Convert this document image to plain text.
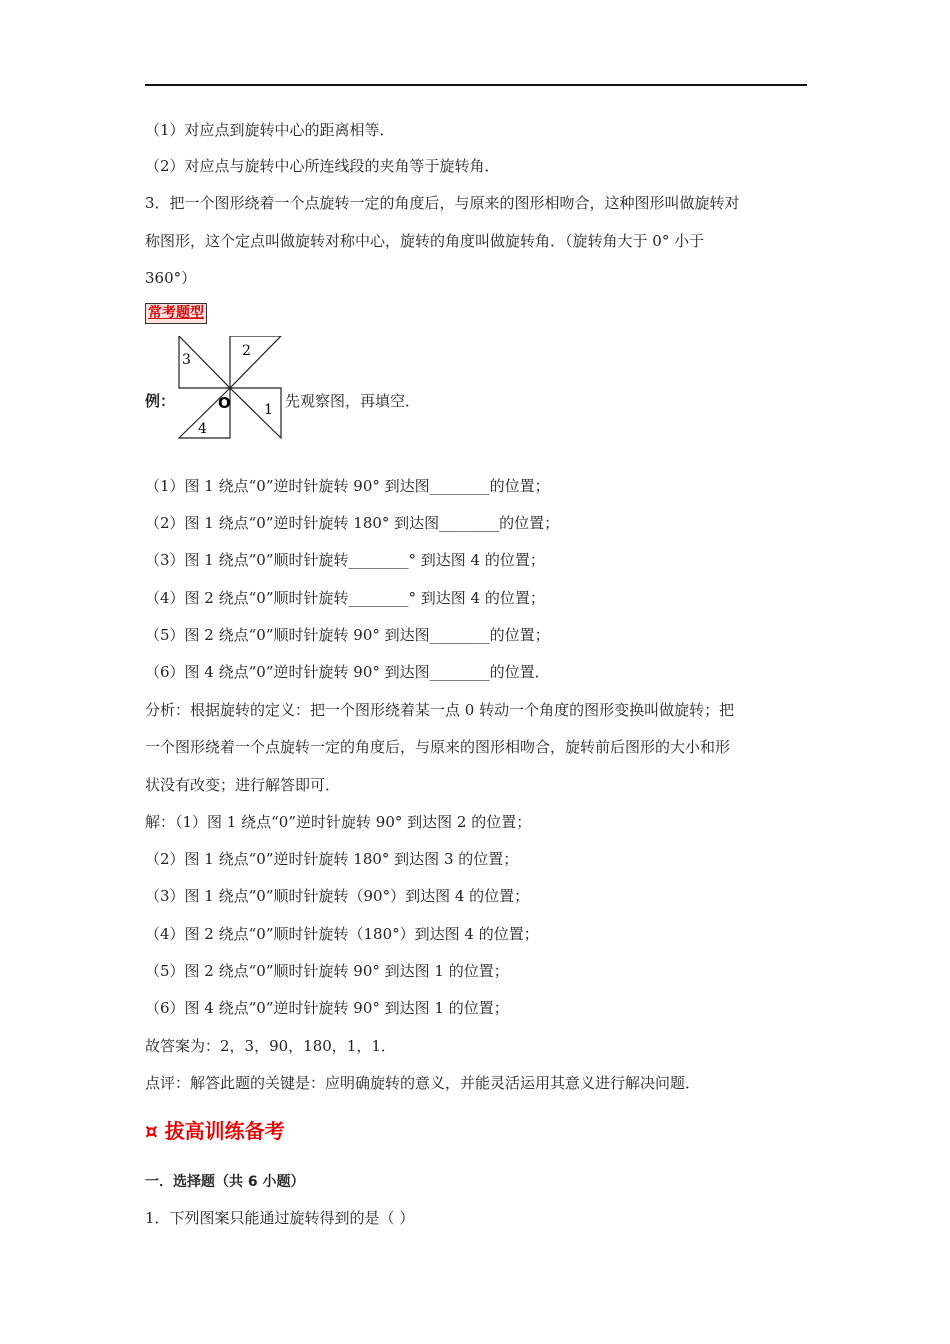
（1）对应点到旋转中心的距离相等．
（2）对应点与旋转中心所连线段的夹角等于旋转角．
3．把一个图形绕着一个点旋转一定的角度后，与原来的图形相吻合，这种图形叫做旋转对
称图形，这个定点叫做旋转对称中心，旋转的角度叫做旋转角．（旋转角大于 0° 小于
360°）
常考题型
例：	1
2
3
4
O	先观察图，再填空．
（1）图 1 绕点“0”逆时针旋转 90° 到达图________的位置；
（2）图 1 绕点“0”逆时针旋转 180° 到达图________的位置；
（3）图 1 绕点“0”顺时针旋转________° 到达图 4 的位置；
（4）图 2 绕点“0”顺时针旋转________° 到达图 4 的位置；
（5）图 2 绕点“0”顺时针旋转 90° 到达图________的位置；
（6）图 4 绕点“0”逆时针旋转 90° 到达图________的位置．
分析：根据旋转的定义：把一个图形绕着某一点 0 转动一个角度的图形变换叫做旋转；把
一个图形绕着一个点旋转一定的角度后，与原来的图形相吻合，旋转前后图形的大小和形
状没有改变；进行解答即可．
解：（1）图 1 绕点“0”逆时针旋转 90° 到达图 2 的位置；
（2）图 1 绕点“0”逆时针旋转 180° 到达图 3 的位置；
（3）图 1 绕点“0”顺时针旋转（90°）到达图 4 的位置；
（4）图 2 绕点“0”顺时针旋转（180°）到达图 4 的位置；
（5）图 2 绕点“0”顺时针旋转 90° 到达图 1 的位置；
（6）图 4 绕点“0”逆时针旋转 90° 到达图 1 的位置；
故答案为：2，3，90，180，1，1．
点评：解答此题的关键是：应明确旋转的意义，并能灵活运用其意义进行解决问题．
¤ 拔高训练备考
一．选择题（共 6 小题）
1．下列图案只能通过旋转得到的是（ ）
